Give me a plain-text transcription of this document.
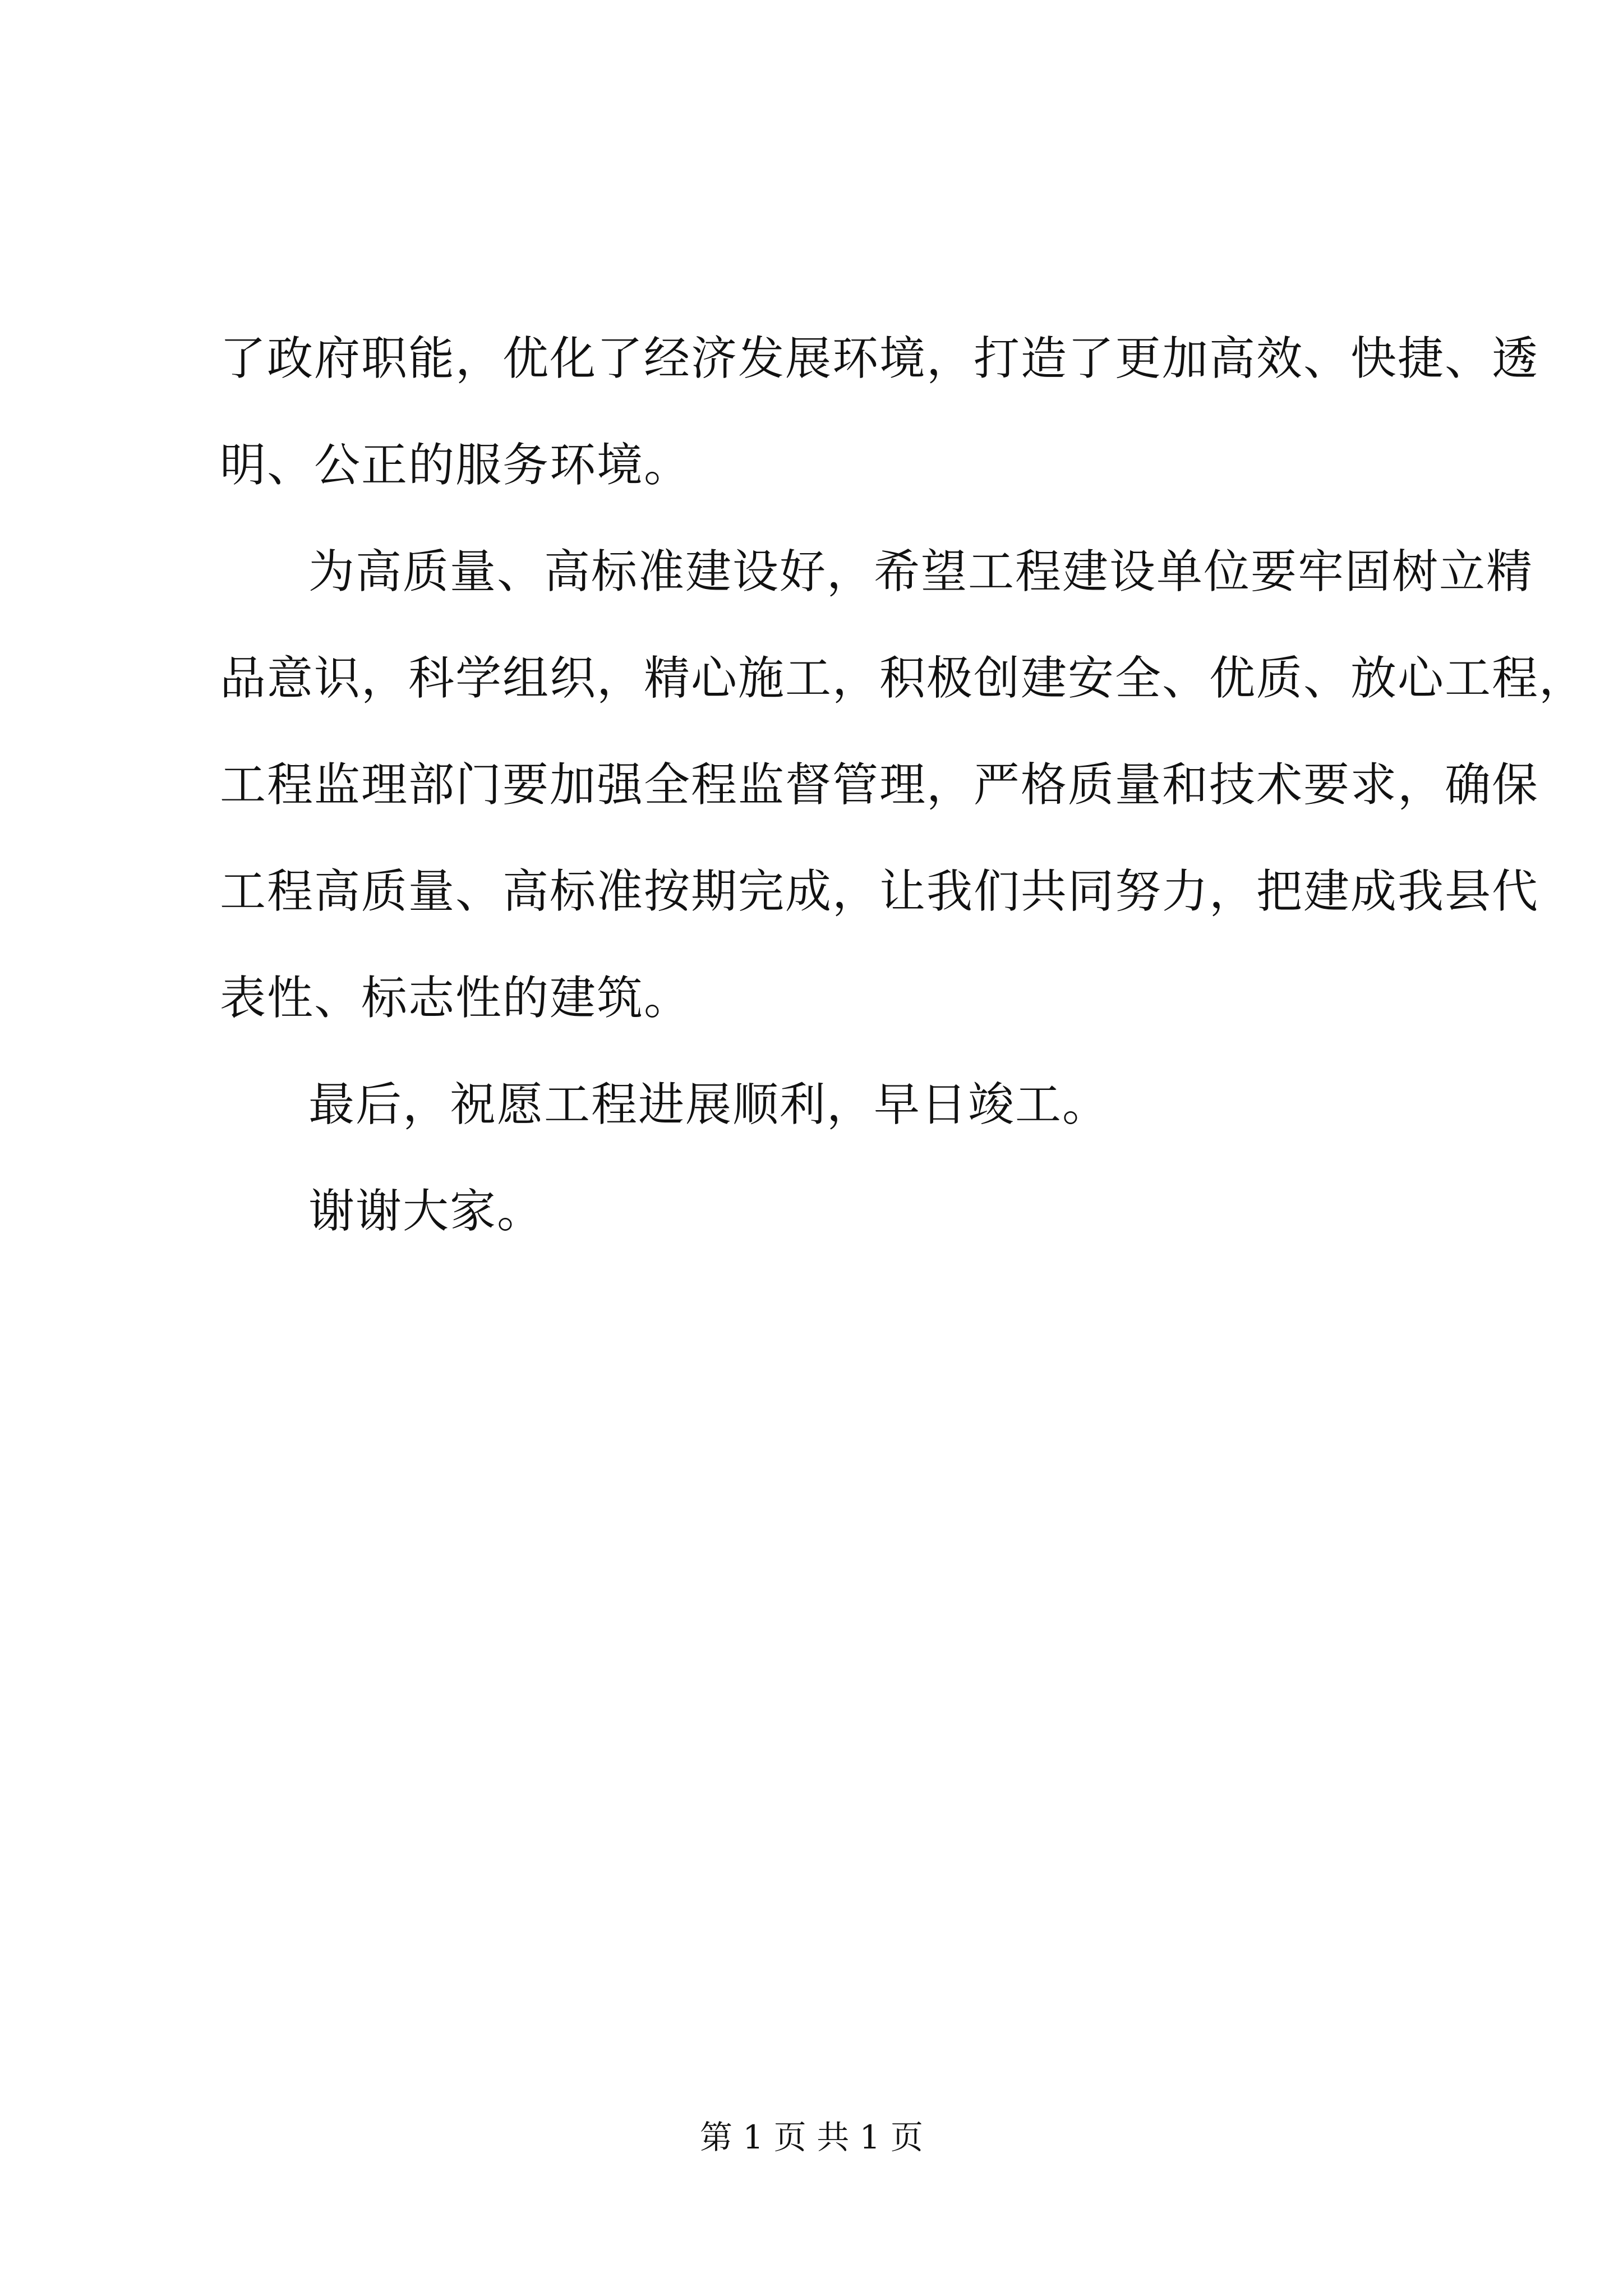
了政府职能，优化了经济发展环境，打造了更加高效、快捷、透
明、公正的服务环境。
为高质量、高标准建设好，希望工程建设单位要牢固树立精
品意识，科学组织，精心施工，积极创建安全、优质、放心工程，
工程监理部门要加强全程监督管理，严格质量和技术要求，确保
工程高质量、高标准按期完成，让我们共同努力，把建成我县代
表性、标志性的建筑。
最后，祝愿工程进展顺利，早日竣工。
谢谢大家。
第 1 页 共 1 页
